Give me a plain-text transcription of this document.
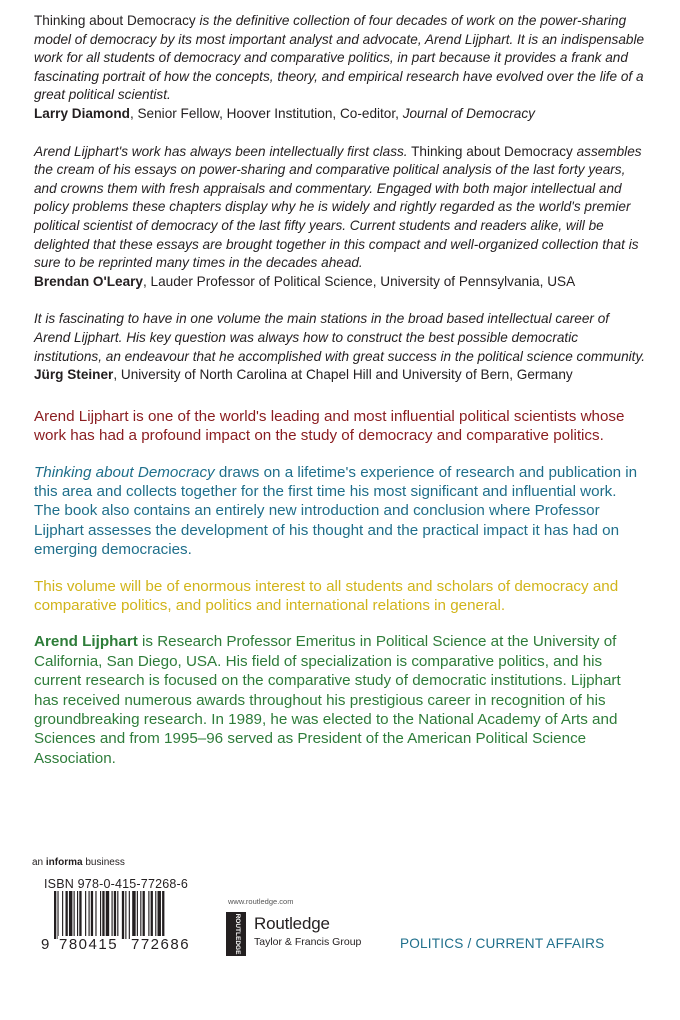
Thinking about Democracy is the definitive collection of four decades of work on the power-sharing model of democracy by its most important analyst and advocate, Arend Lijphart. It is an indispensable work for all students of democracy and comparative politics, in part because it provides a frank and fascinating portrait of how the concepts, theory, and empirical research have evolved over the life of a great political scientist.

Larry Diamond, Senior Fellow, Hoover Institution, Co-editor, Journal of Democracy

Arend Lijphart's work has always been intellectually first class. Thinking about Democracy assembles the cream of his essays on power-sharing and comparative political analysis of the last forty years, and crowns them with fresh appraisals and commentary. Engaged with both major intellectual and policy problems these chapters display why he is widely and rightly regarded as the world's premier political scientist of democracy of the last fifty years. Current students and readers alike, will be delighted that these essays are brought together in this compact and well-organized collection that is sure to be reprinted many times in the decades ahead.

Brendan O'Leary, Lauder Professor of Political Science, University of Pennsylvania, USA

It is fascinating to have in one volume the main stations in the broad based intellectual career of Arend Lijphart. His key question was always how to construct the best possible democratic institutions, an endeavour that he accomplished with great success in the political science community.

Jürg Steiner, University of North Carolina at Chapel Hill and University of Bern, Germany

Arend Lijphart is one of the world's leading and most influential political scientists whose work has had a profound impact on the study of democracy and comparative politics.

Thinking about Democracy draws on a lifetime's experience of research and publication in this area and collects together for the first time his most significant and influential work. The book also contains an entirely new introduction and conclusion where Professor Lijphart assesses the development of his thought and the practical impact it has had on emerging democracies.

This volume will be of enormous interest to all students and scholars of democracy and comparative politics, and politics and international relations in general.

Arend Lijphart is Research Professor Emeritus in Political Science at the University of California, San Diego, USA. His field of specialization is comparative politics, and his current research is focused on the comparative study of democratic institutions. Lijphart has received numerous awards throughout his prestigious career in recognition of his groundbreaking research. In 1989, he was elected to the National Academy of Arts and Sciences and from 1995–96 served as President of the American Political Science Association.

an informa business
ISBN 978-0-415-77268-6
9 780415 772686
www.routledge.com
ROUTLEDGE Routledge
Taylor & Francis Group	POLITICS / CURRENT AFFAIRS
